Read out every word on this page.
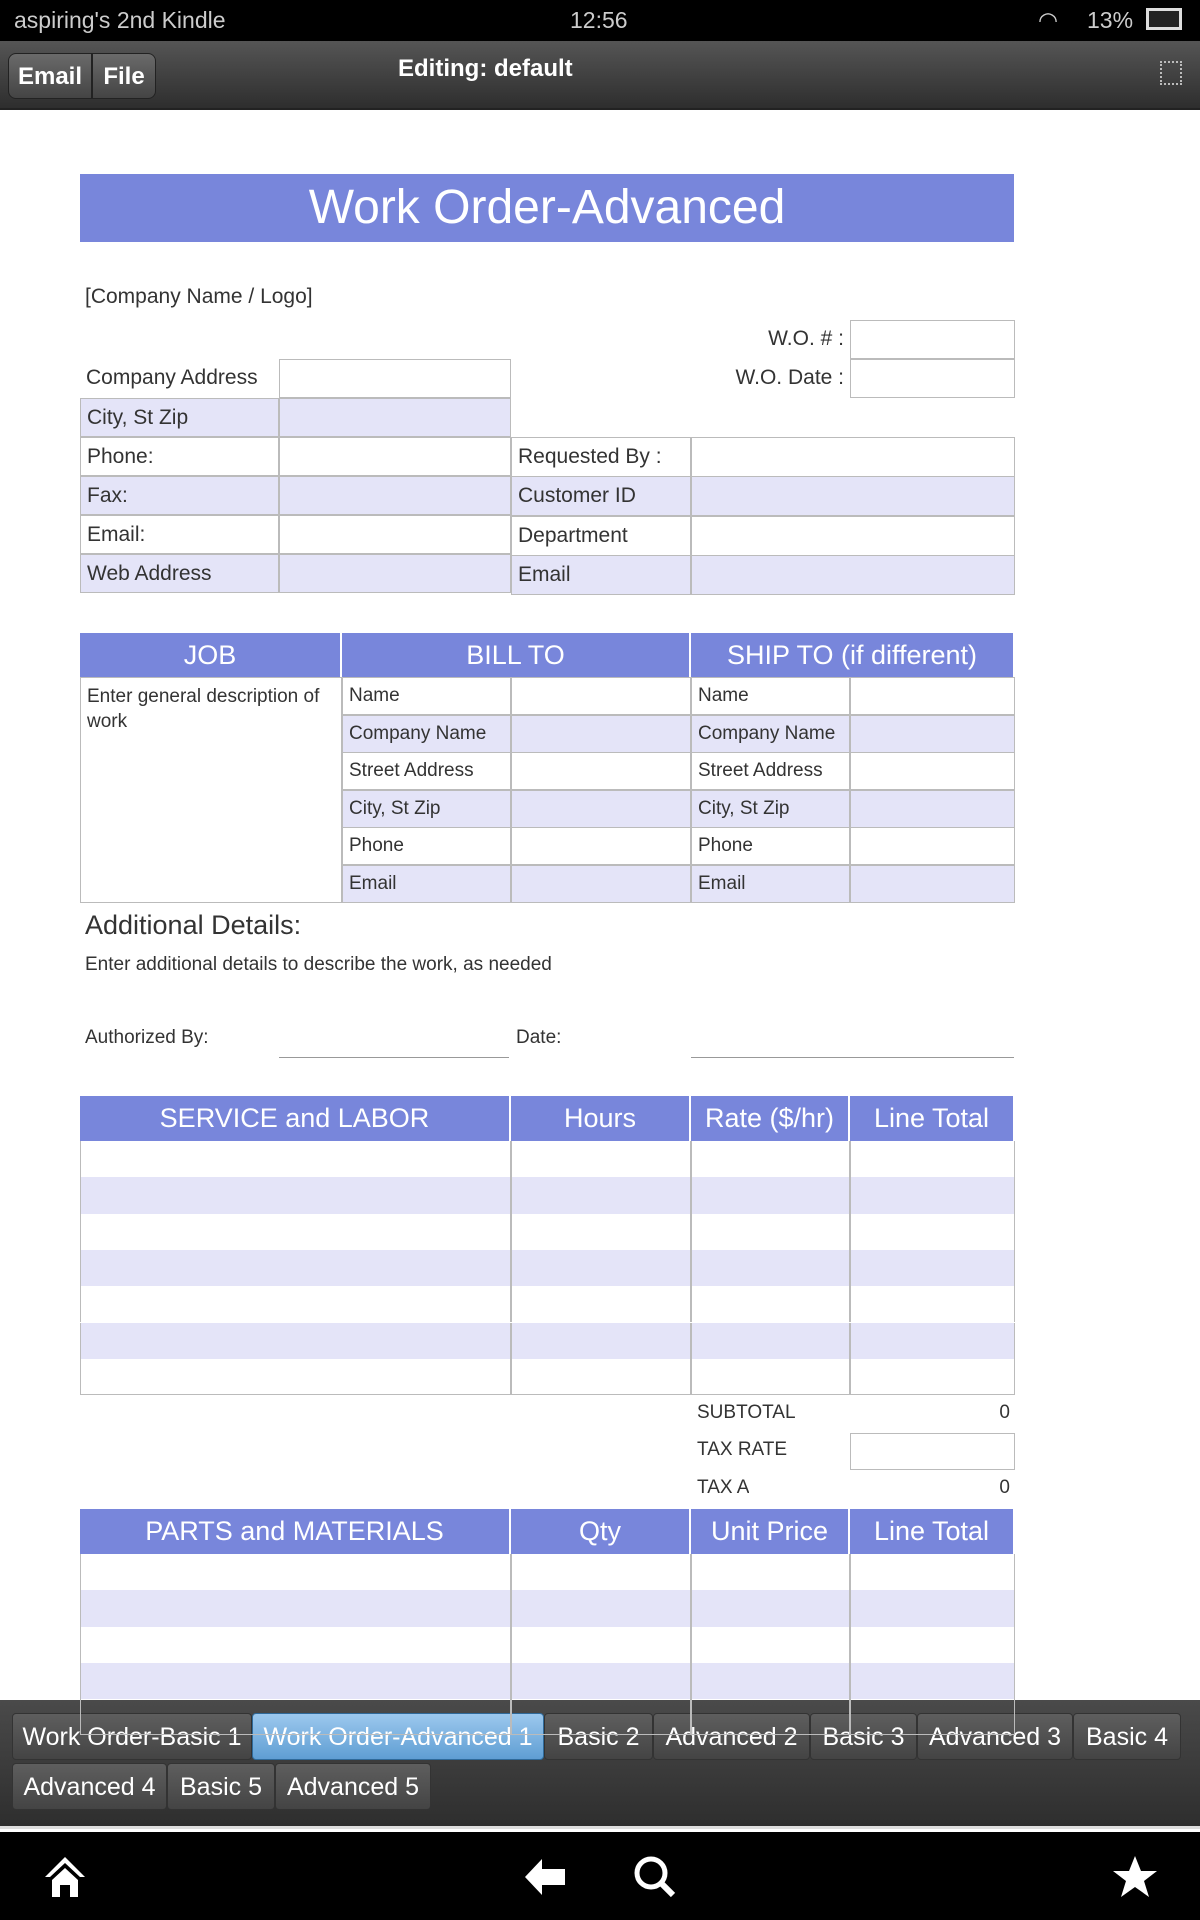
aspiring's 2nd Kindle	12:56	◠ 13%
Email File	Editing: default
Work Order-Advanced
[Company Name / Logo]
W.O. # :
W.O. Date :
JOB	BILL TO	SHIP TO (if different)
Enter general description of work
Additional Details:
Enter additional details to describe the work, as needed
Authorized By:	Date:
SUBTOTAL	0
TAX RATE
TAX A	0
Work Order-Basic 1 Work Order-Advanced 1 Basic 2	Advanced 2 Basic 3 Advanced 3 Basic 4
Advanced 4 Basic 5 Advanced 5
Company Address
City, St Zip
Phone:
Fax:
Email:
Web Address
Requested By :
Customer ID
Department
Email
Name	Name
Company Name	Company Name
Street Address	Street Address
City, St Zip	City, St Zip
Phone	Phone
Email	Email
SERVICE and LABOR	Hours	Rate ($/hr)	Line Total
PARTS and MATERIALS	Qty	Unit Price	Line Total
